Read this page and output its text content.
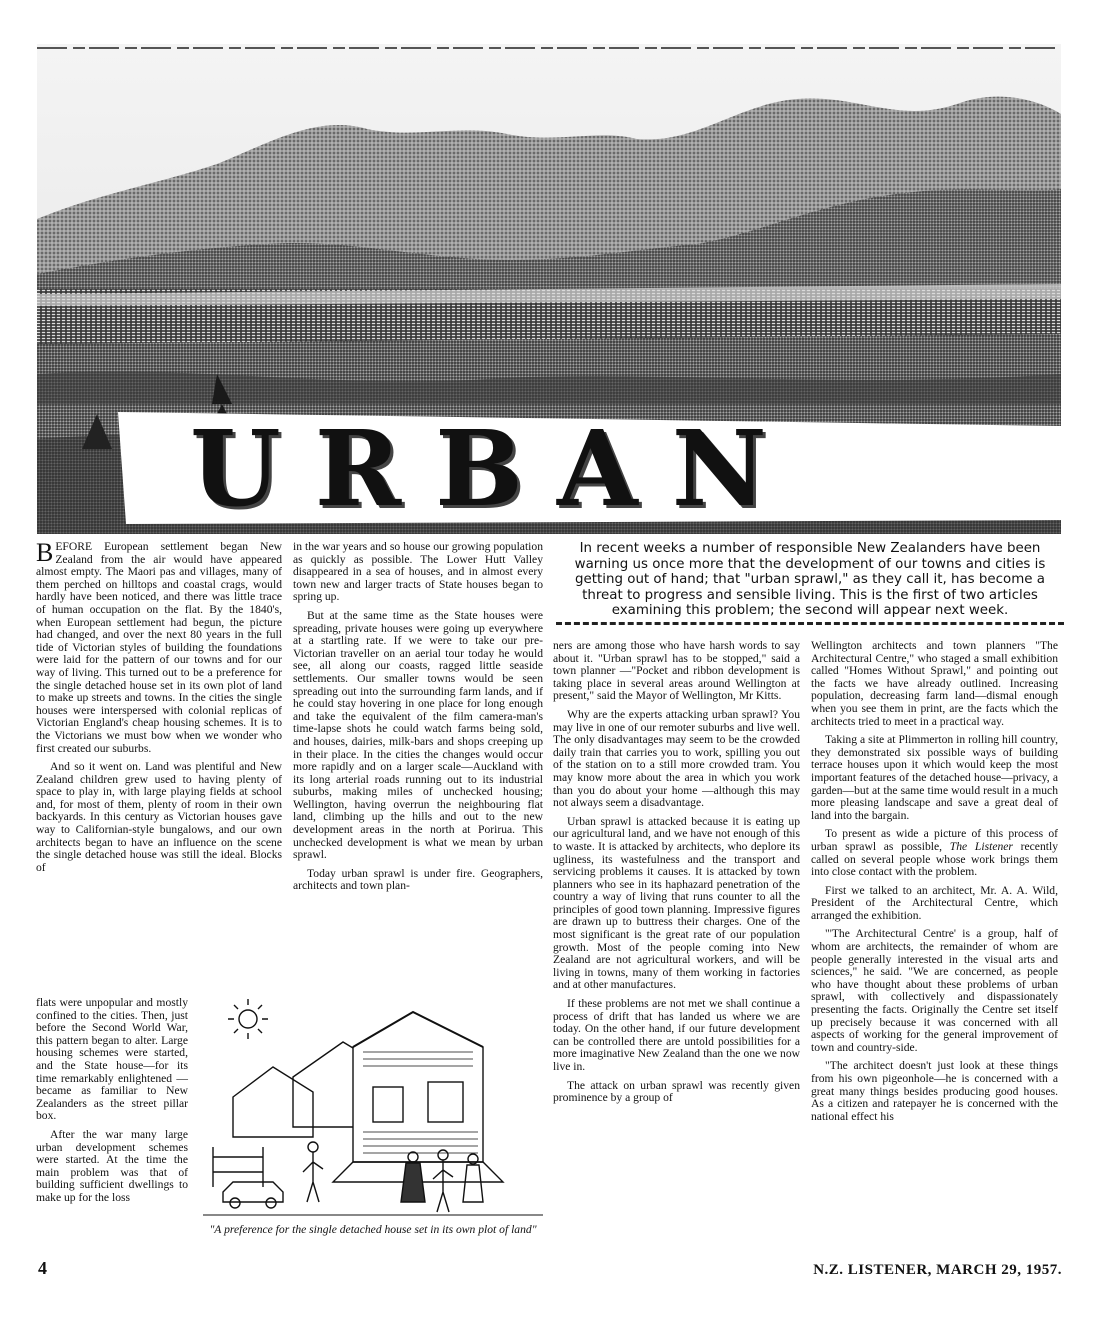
URBAN

BEFORE European settlement began New Zealand from the air would have appeared almost empty. The Maori pas and villages, many of them perched on hilltops and coastal crags, would hardly have been noticed, and there was little trace of human occupation on the flat. By the 1840's, when European settlement had begun, the picture had changed, and over the next 80 years in the full tide of Victorian styles of building the foundations were laid for the pattern of our towns and for our way of living. This turned out to be a preference for the single detached house set in its own plot of land to make up streets and towns. In the cities the single houses were interspersed with colonial replicas of Victorian England's cheap housing schemes. It is to the Victorians we must bow when we wonder who first created our suburbs.

And so it went on. Land was plentiful and New Zealand children grew used to having plenty of space to play in, with large playing fields at school and, for most of them, plenty of room in their own backyards. In this century as Victorian houses gave way to Californian-style bungalows, and our own architects began to have an influence on the scene the single detached house was still the ideal. Blocks of

flats were unpopular and mostly confined to the cities. Then, just before the Second World War, this pattern began to alter. Large housing schemes were started, and the State house—for its time remarkably enlightened — became as familiar to New Zealanders as the street pillar box.

After the war many large urban development schemes were started. At the time the main problem was that of building sufficient dwellings to make up for the loss

in the war years and so house our growing population as quickly as possible. The Lower Hutt Valley disappeared in a sea of houses, and in almost every town new and larger tracts of State houses began to spring up.

But at the same time as the State houses were spreading, private houses were going up everywhere at a startling rate. If we were to take our pre-Victorian traveller on an aerial tour today he would see, all along our coasts, ragged little seaside settlements. Our smaller towns would be seen spreading out into the surrounding farm lands, and if he could stay hovering in one place for long enough and take the equivalent of the film camera-man's time-lapse shots he could watch farms being sold, and houses, dairies, milk-bars and shops creeping up in their place. In the cities the changes would occur more rapidly and on a larger scale—Auckland with its long arterial roads running out to its industrial suburbs, making miles of unchecked housing; Wellington, having overrun the neighbouring flat land, climbing up the hills and out to the new development areas in the north at Porirua. This unchecked development is what we mean by urban sprawl.

Today urban sprawl is under fire. Geographers, architects and town plan-

In recent weeks a number of responsible New Zealanders have been warning us once more that the development of our towns and cities is getting out of hand; that "urban sprawl," as they call it, has become a threat to progress and sensible living. This is the first of two articles examining this problem; the second will appear next week.

ners are among those who have harsh words to say about it. "Urban sprawl has to be stopped," said a town planner —"Pocket and ribbon development is taking place in several areas around Wellington at present," said the Mayor of Wellington, Mr Kitts.

Why are the experts attacking urban sprawl? You may live in one of our remoter suburbs and live well. The only disadvantages may seem to be the crowded daily train that carries you to work, spilling you out of the station on to a still more crowded tram. You may know more about the area in which you work than you do about your home —although this may not always seem a disadvantage.

Urban sprawl is attacked because it is eating up our agricultural land, and we have not enough of this to waste. It is attacked by architects, who deplore its ugliness, its wastefulness and the transport and servicing problems it causes. It is attacked by town planners who see in its haphazard penetration of the country a way of living that runs counter to all the principles of good town planning. Impressive figures are drawn up to buttress their charges. One of the most significant is the great rate of our population growth. Most of the people coming into New Zealand are not agricultural workers, and will be living in towns, many of them working in factories and at other manufactures.

If these problems are not met we shall continue a process of drift that has landed us where we are today. On the other hand, if our future development can be controlled there are untold possibilities for a more imaginative New Zealand than the one we now live in.

The attack on urban sprawl was recently given prominence by a group of

Wellington architects and town planners "The Architectural Centre," who staged a small exhibition called "Homes Without Sprawl," and pointing out the facts we have already outlined. Increasing population, decreasing farm land—dismal enough when you see them in print, are the facts which the architects tried to meet in a practical way.

Taking a site at Plimmerton in rolling hill country, they demonstrated six possible ways of building terrace houses upon it which would keep the most important features of the detached house—privacy, a garden—but at the same time would result in a much more pleasing landscape and save a great deal of land into the bargain.

To present as wide a picture of this process of urban sprawl as possible, The Listener recently called on several people whose work brings them into close contact with the problem.

First we talked to an architect, Mr. A. A. Wild, President of the Architectural Centre, which arranged the exhibition.

"'The Architectural Centre' is a group, half of whom are architects, the remainder of whom are people generally interested in the visual arts and sciences," he said. "We are concerned, as people who have thought about these problems of urban sprawl, with collectively and dispassionately presenting the facts. Originally the Centre set itself up precisely because it was concerned with all aspects of working for the general improvement of town and country-side.

"The architect doesn't just look at these things from his own pigeonhole—he is concerned with a great many things besides producing good houses. As a citizen and ratepayer he is concerned with the national effect his

"A preference for the single detached house set in its own plot of land"
4	N.Z. LISTENER, MARCH 29, 1957.
